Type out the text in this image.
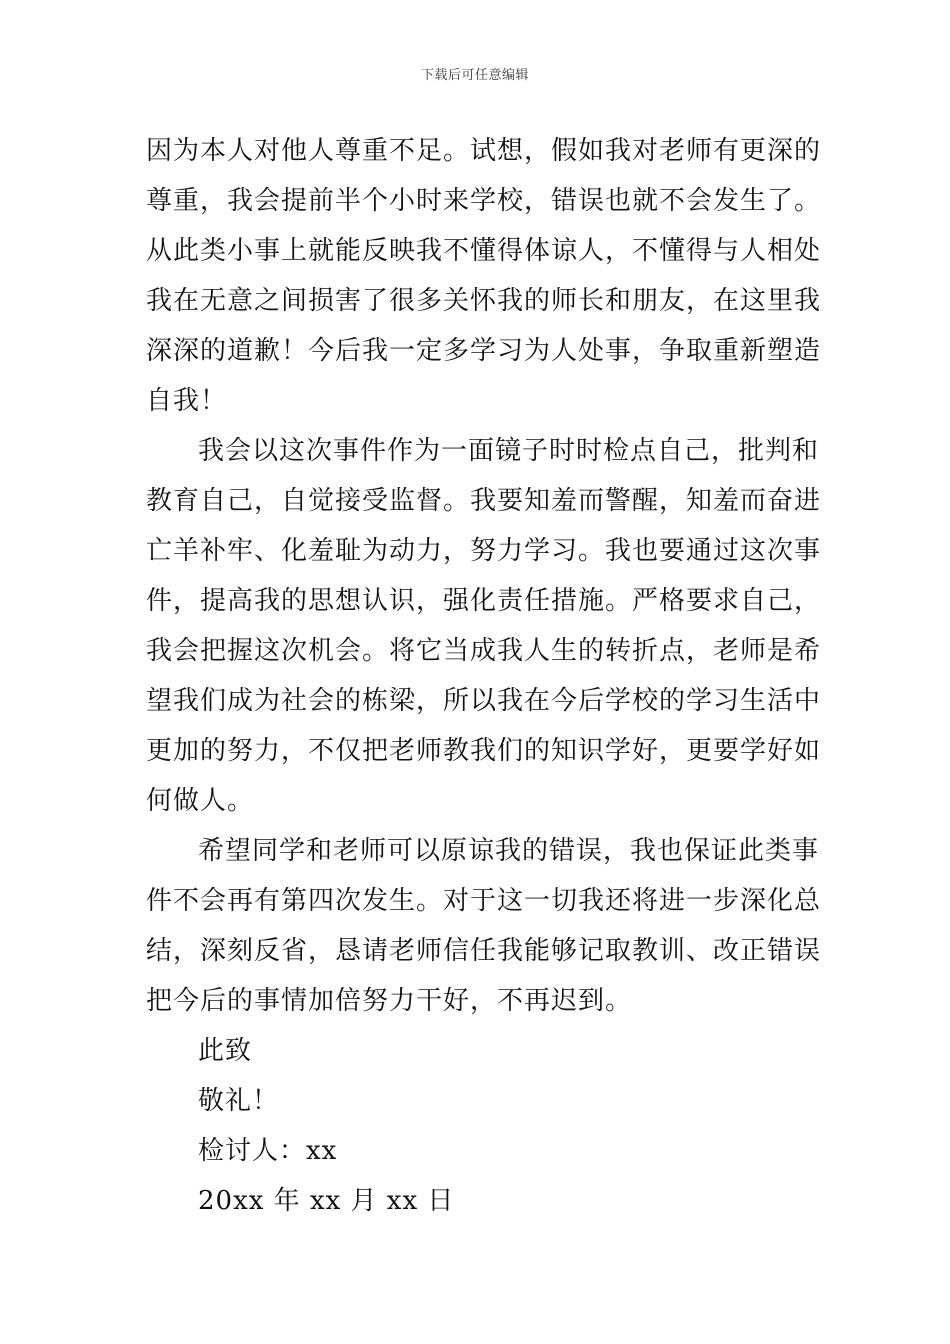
下载后可任意编辑
因为本人对他人尊重不足。试想，假如我对老师有更深的
尊重，我会提前半个小时来学校，错误也就不会发生了。
从此类小事上就能反映我不懂得体谅人，不懂得与人相处
我在无意之间损害了很多关怀我的师长和朋友，在这里我
深深的道歉！今后我一定多学习为人处事，争取重新塑造
自我！
我会以这次事件作为一面镜子时时检点自己，批判和
教育自己，自觉接受监督。我要知羞而警醒，知羞而奋进
亡羊补牢、化羞耻为动力，努力学习。我也要通过这次事
件，提高我的思想认识，强化责任措施。严格要求自己，
我会把握这次机会。将它当成我人生的转折点，老师是希
望我们成为社会的栋梁，所以我在今后学校的学习生活中
更加的努力，不仅把老师教我们的知识学好，更要学好如
何做人。
希望同学和老师可以原谅我的错误，我也保证此类事
件不会再有第四次发生。对于这一切我还将进一步深化总
结，深刻反省，恳请老师信任我能够记取教训、改正错误
把今后的事情加倍努力干好，不再迟到。
此致
敬礼！
检讨人：xx
20xx 年 xx 月 xx 日
